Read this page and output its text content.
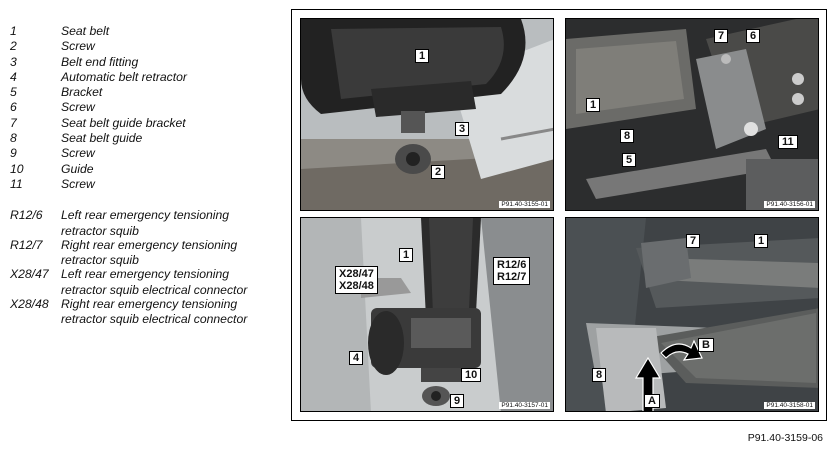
1	Seat belt
2	Screw
3	Belt end fitting
4	Automatic belt retractor
5	Bracket
6	Screw
7	Seat belt guide bracket
8	Seat belt guide
9	Screw
10	Guide
11	Screw
R12/6 Left rear emergency tensioning retractor squib
R12/7 Right rear emergency tensioning retractor squib
X28/47 Left rear emergency tensioning retractor squib electrical connector
X28/48 Right rear emergency tensioning retractor squib electrical connector
1
3
2
P91.40-3155-01
7	6
1
8	11
5
P91.40-3156-01
1
R12/6
R12/7
X28/47
X28/48
4
10
9	P91.40-3157-01
7	1
B
8
A	P91.40-3158-01
P91.40-3159-06
